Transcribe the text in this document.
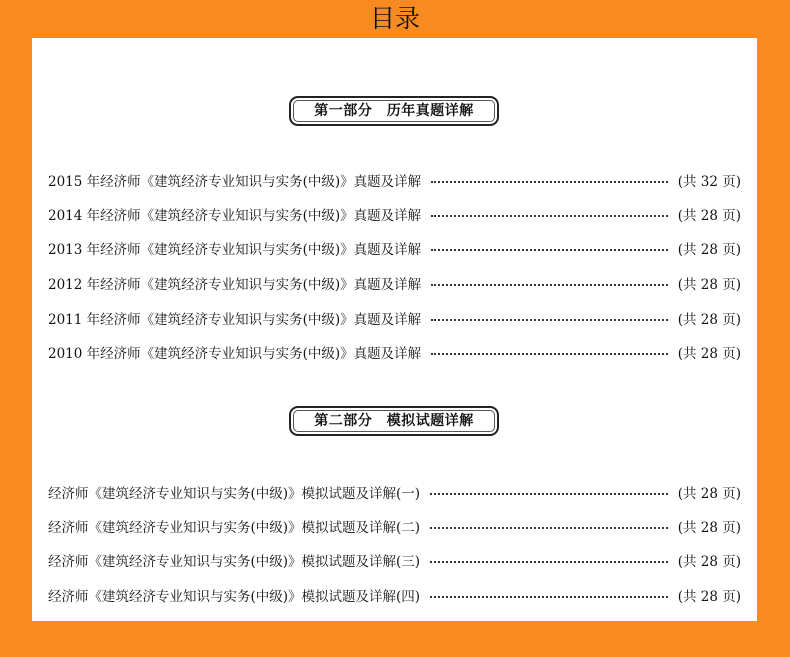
目录
第一部分　历年真题详解
2015 年经济师《建筑经济专业知识与实务(中级)》真题及详解	(共 32 页)
2014 年经济师《建筑经济专业知识与实务(中级)》真题及详解	(共 28 页)
2013 年经济师《建筑经济专业知识与实务(中级)》真题及详解	(共 28 页)
2012 年经济师《建筑经济专业知识与实务(中级)》真题及详解	(共 28 页)
2011 年经济师《建筑经济专业知识与实务(中级)》真题及详解	(共 28 页)
2010 年经济师《建筑经济专业知识与实务(中级)》真题及详解	(共 28 页)
第二部分　模拟试题详解
经济师《建筑经济专业知识与实务(中级)》模拟试题及详解(一)	(共 28 页)
经济师《建筑经济专业知识与实务(中级)》模拟试题及详解(二)	(共 28 页)
经济师《建筑经济专业知识与实务(中级)》模拟试题及详解(三)	(共 28 页)
经济师《建筑经济专业知识与实务(中级)》模拟试题及详解(四)	(共 28 页)
